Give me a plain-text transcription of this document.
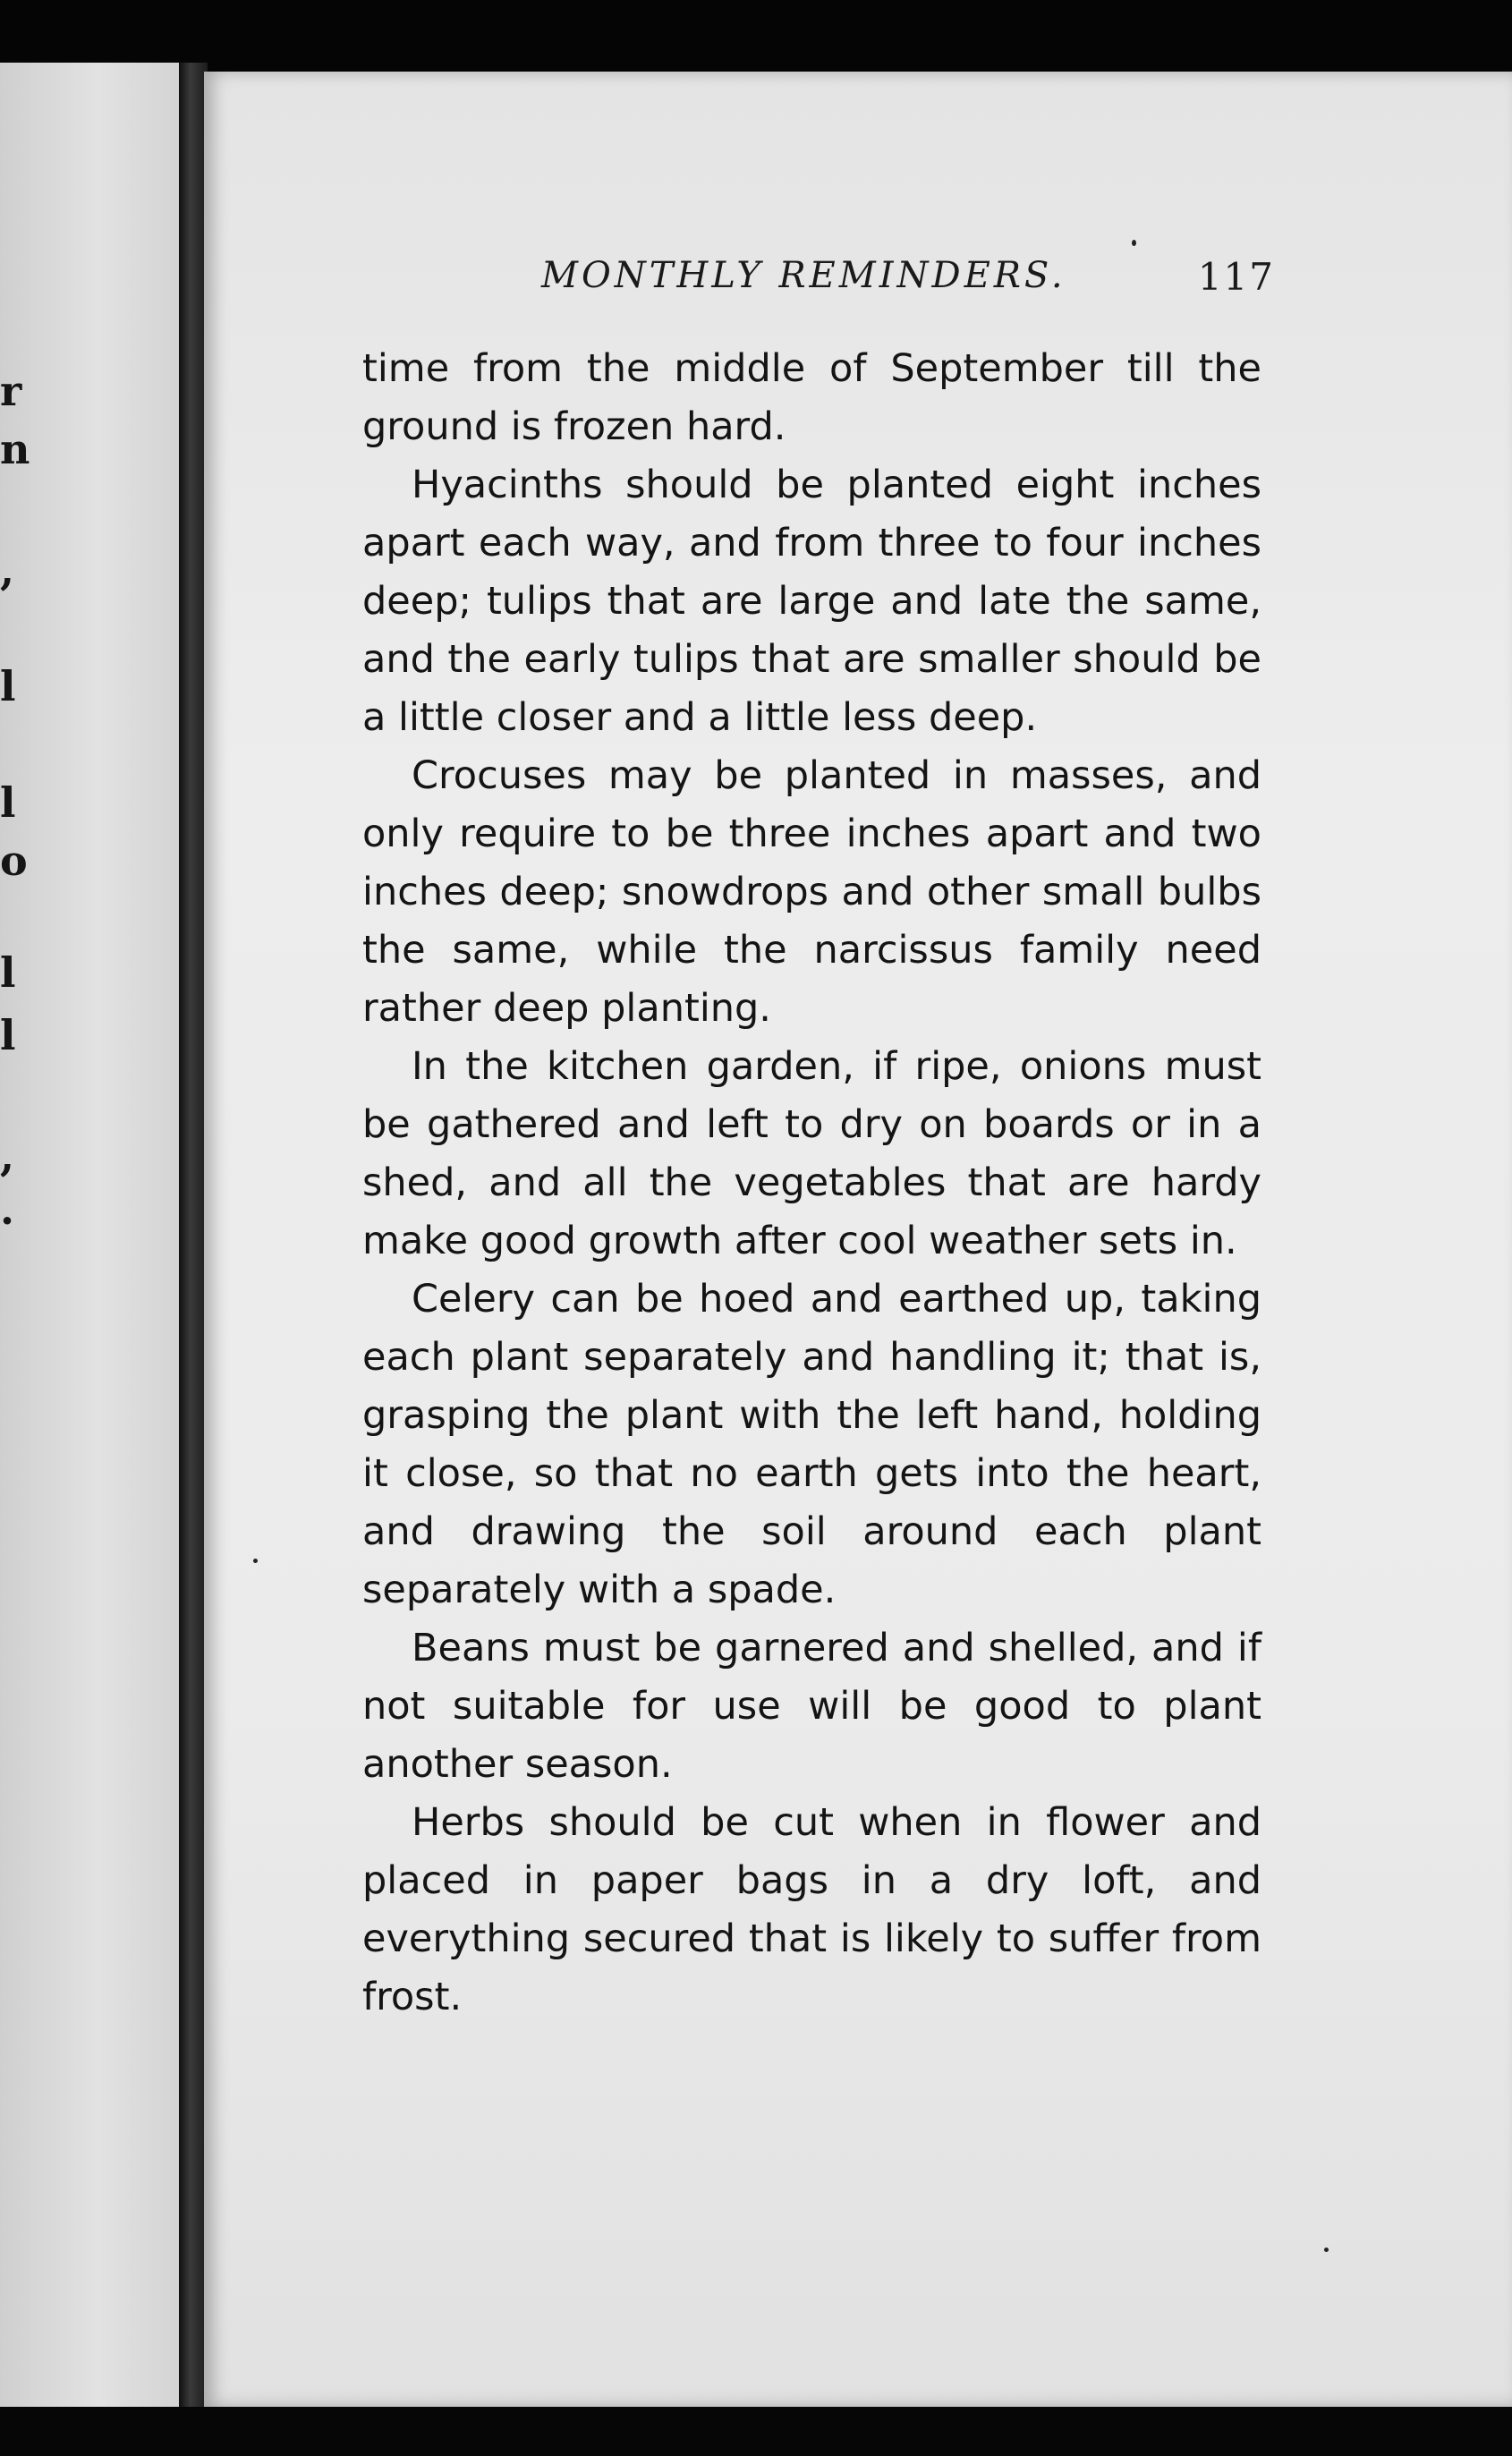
r
n
,
l
l
o
l
l
,
.
MONTHLY REMINDERS.	117

time from the middle of September till the ground is frozen hard.

Hyacinths should be planted eight inches apart each way, and from three to four inches deep; tulips that are large and late the same, and the early tulips that are smaller should be a little closer and a little less deep.

Crocuses may be planted in masses, and only require to be three inches apart and two inches deep; snowdrops and other small bulbs the same, while the narcissus family need rather deep planting.

In the kitchen garden, if ripe, onions must be gathered and left to dry on boards or in a shed, and all the vegetables that are hardy make good growth after cool weather sets in.

Celery can be hoed and earthed up, taking each plant separately and handling it; that is, grasping the plant with the left hand, holding it close, so that no earth gets into the heart, and drawing the soil around each plant separately with a spade.

Beans must be garnered and shelled, and if not suitable for use will be good to plant another season.

Herbs should be cut when in flower and placed in paper bags in a dry loft, and everything secured that is likely to suffer from frost.
